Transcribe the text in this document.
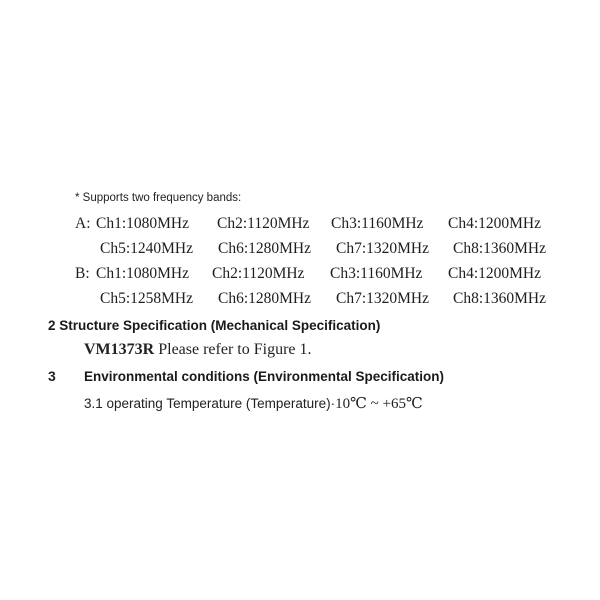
* Supports two frequency bands:
A: Ch1:1080MHz Ch2:1120MHz Ch3:1160MHz Ch4:1200MHz
Ch5:1240MHz Ch6:1280MHz Ch7:1320MHz Ch8:1360MHz
B: Ch1:1080MHz Ch2:1120MHz Ch3:1160MHz Ch4:1200MHz
Ch5:1258MHz Ch6:1280MHz Ch7:1320MHz Ch8:1360MHz
2 Structure Specification (Mechanical Specification)
VM1373R Please refer to Figure 1.
3 Environmental conditions (Environmental Specification)
3.1 operating Temperature (Temperature)·10℃ ~ +65℃
